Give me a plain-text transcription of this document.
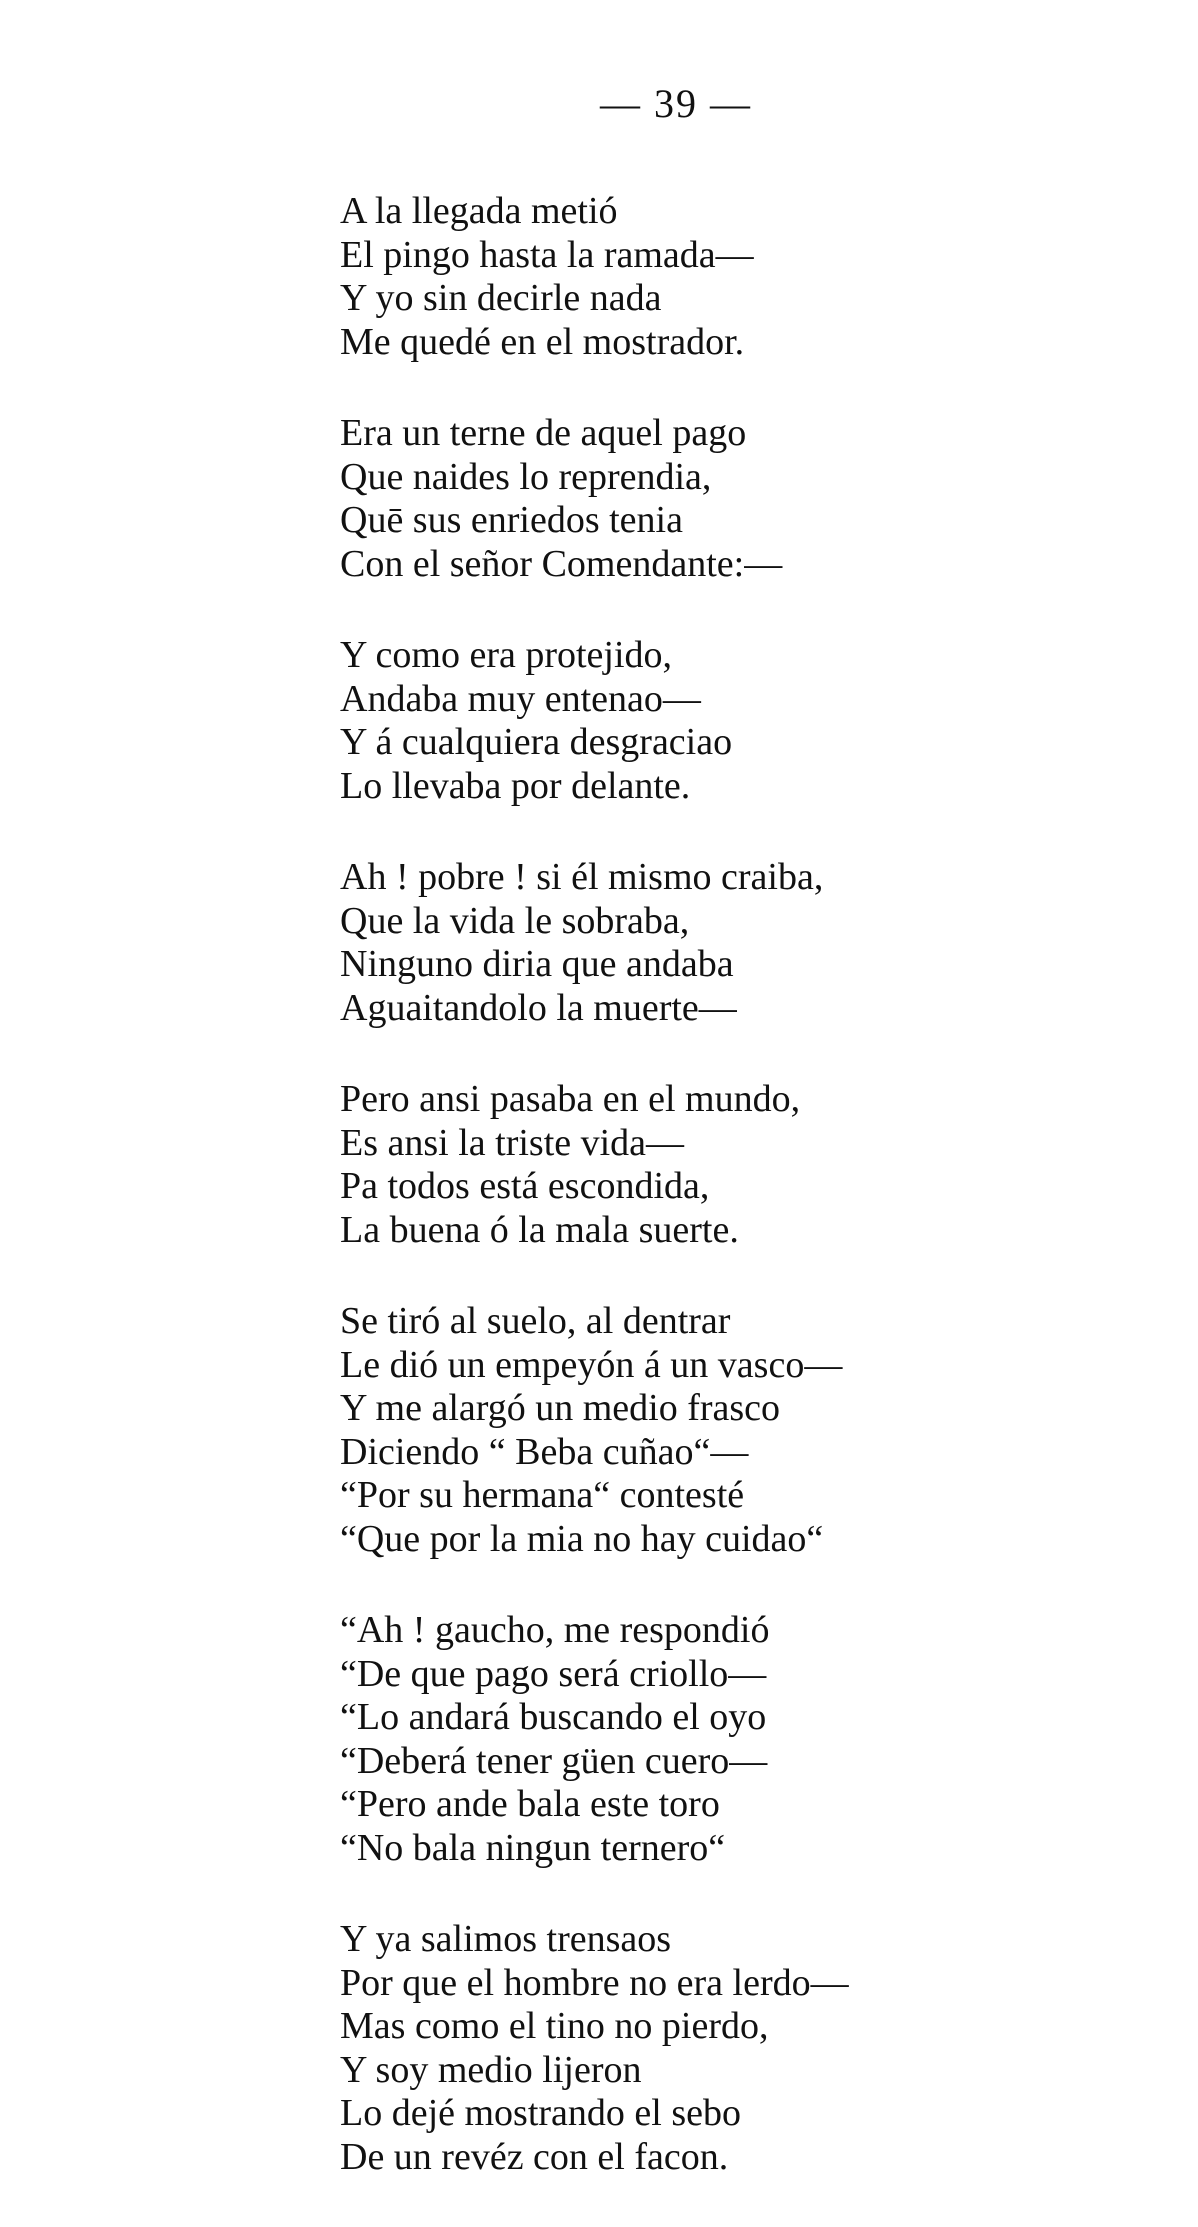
— 39 —
A la llegada metió
El pingo hasta la ramada—
Y yo sin decirle nada
Me quedé en el mostrador.
Era un terne de aquel pago
Que naides lo reprendia,
Quē sus enriedos tenia
Con el señor Comendante:—
Y como era protejido,
Andaba muy entenao—
Y á cualquiera desgraciao
Lo llevaba por delante.
Ah ! pobre ! si él mismo craiba,
Que la vida le sobraba,
Ninguno diria que andaba
Aguaitandolo la muerte—
Pero ansi pasaba en el mundo,
Es ansi la triste vida—
Pa todos está escondida,
La buena ó la mala suerte.
Se tiró al suelo, al dentrar
Le dió un empeyón á un vasco—
Y me alargó un medio frasco
Diciendo “ Beba cuñao“—
“Por su hermana“ contesté
“Que por la mia no hay cuidao“
“Ah ! gaucho, me respondió
“De que pago será criollo—
“Lo andará buscando el oyo
“Deberá tener güen cuero—
“Pero ande bala este toro
“No bala ningun ternero“
Y ya salimos trensaos
Por que el hombre no era lerdo—
Mas como el tino no pierdo,
Y soy medio lijeron
Lo dejé mostrando el sebo
De un revéz con el facon.
